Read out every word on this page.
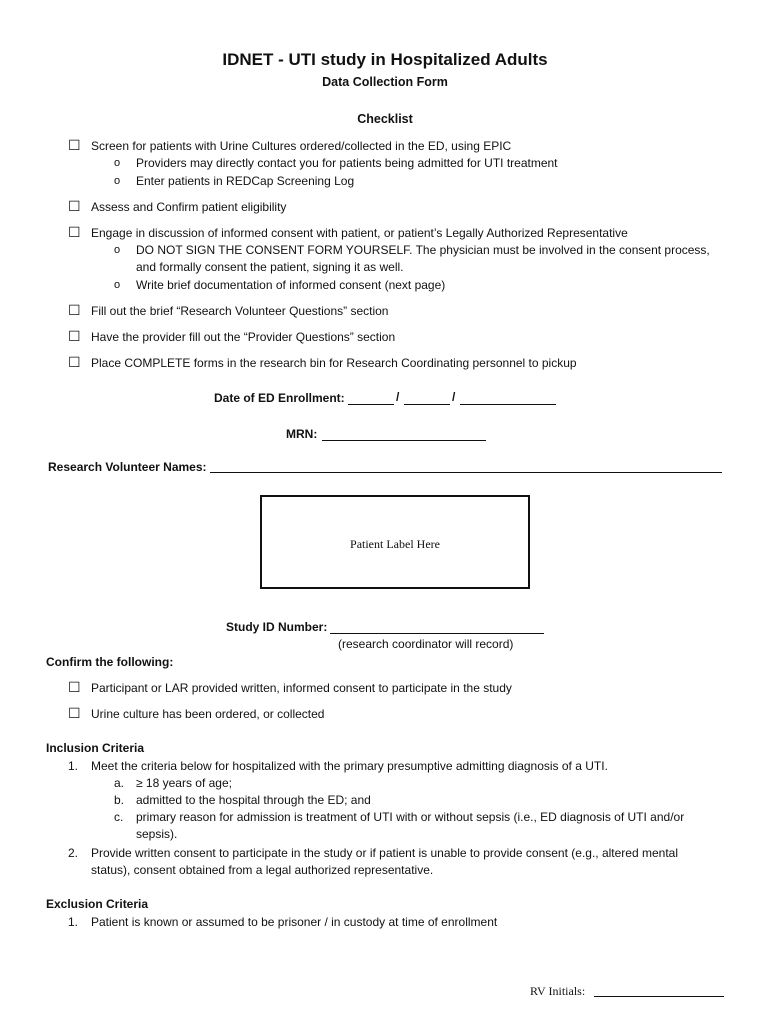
IDNET - UTI study in Hospitalized Adults
Data Collection Form
Checklist
☐ Screen for patients with Urine Cultures ordered/collected in the ED, using EPIC
o Providers may directly contact you for patients being admitted for UTI treatment
o Enter patients in REDCap Screening Log
☐ Assess and Confirm patient eligibility
☐ Engage in discussion of informed consent with patient, or patient’s Legally Authorized Representative
o DO NOT SIGN THE CONSENT FORM YOURSELF. The physician must be involved in the consent process,
and formally consent the patient, signing it as well.
o Write brief documentation of informed consent (next page)
☐ Fill out the brief “Research Volunteer Questions” section
☐ Have the provider fill out the “Provider Questions” section
☐ Place COMPLETE forms in the research bin for Research Coordinating personnel to pickup
Date of ED Enrollment:	/	/
MRN:
Research Volunteer Names:
Patient Label Here
Study ID Number:
(research coordinator will record)
Confirm the following:
☐ Participant or LAR provided written, informed consent to participate in the study
☐ Urine culture has been ordered, or collected
Inclusion Criteria
1. Meet the criteria below for hospitalized with the primary presumptive admitting diagnosis of a UTI.
a. ≥ 18 years of age;
b. admitted to the hospital through the ED; and
c. primary reason for admission is treatment of UTI with or without sepsis (i.e., ED diagnosis of UTI and/or
sepsis).
2. Provide written consent to participate in the study or if patient is unable to provide consent (e.g., altered mental
status), consent obtained from a legal authorized representative.
Exclusion Criteria
1. Patient is known or assumed to be prisoner / in custody at time of enrollment
RV Initials:
